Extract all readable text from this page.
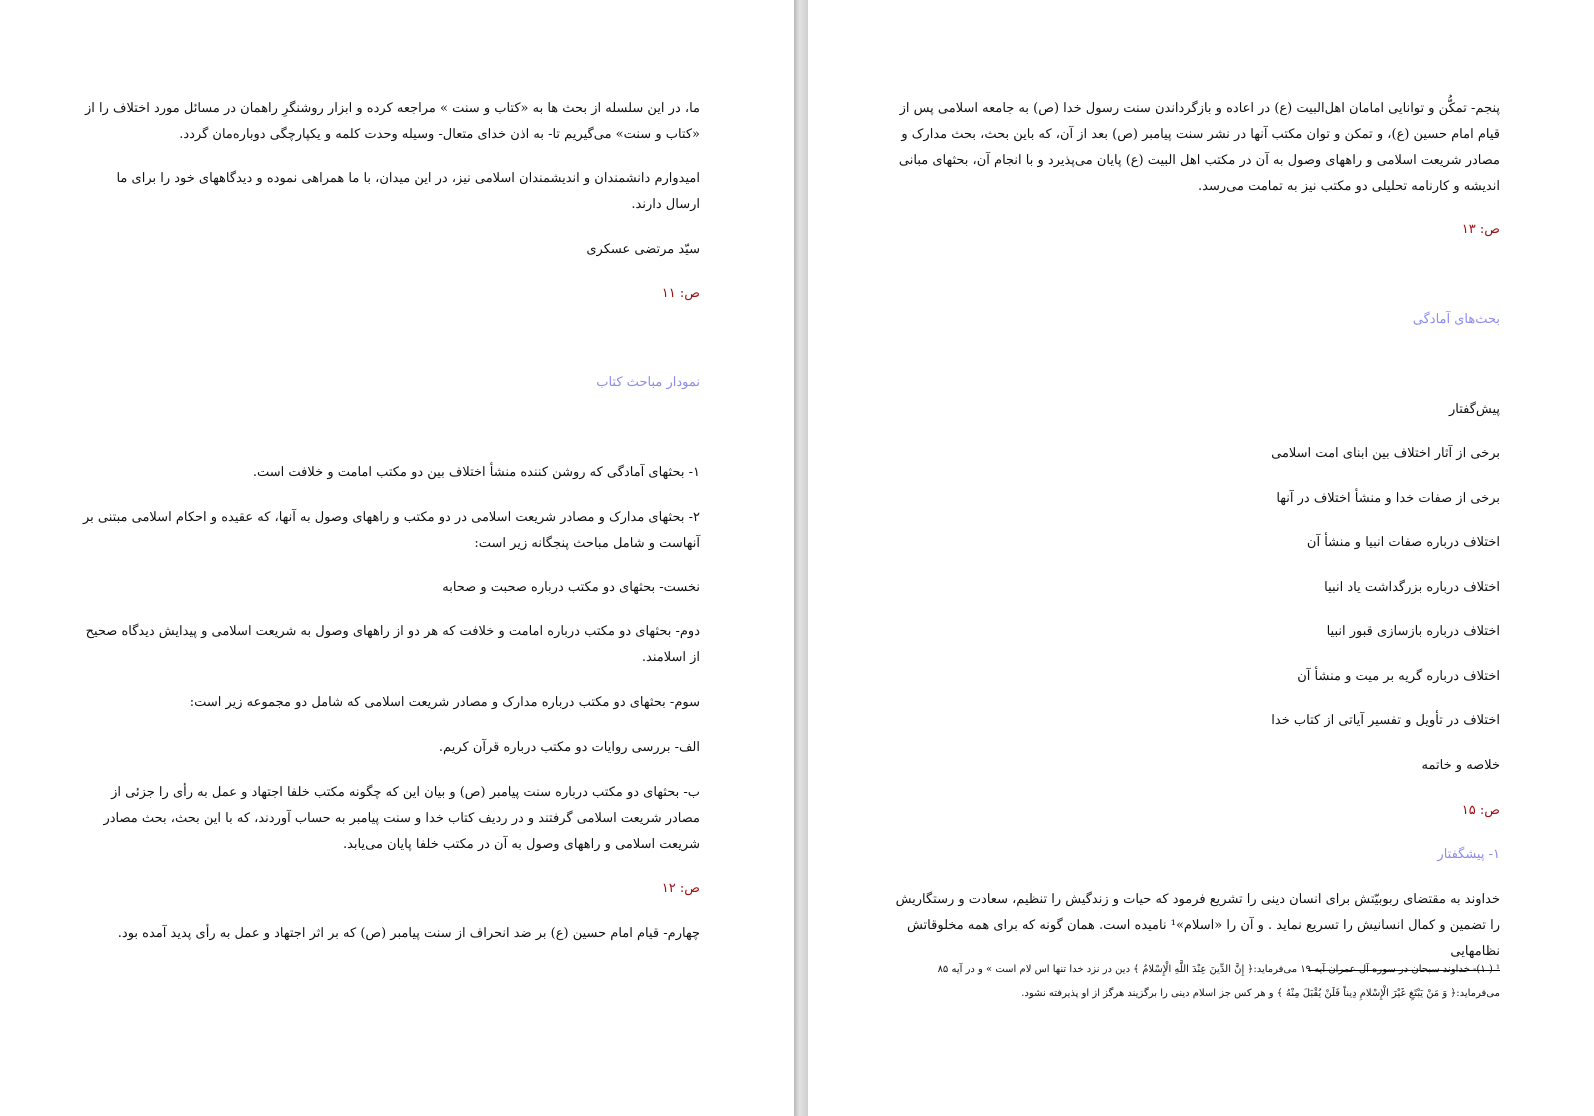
ما، در این سلسله از بحث ها به «کتاب و سنت » مراجعه کرده و ابزار روشنگرِ راهمان در مسائل مورد اختلاف را از «کتاب و سنت» می‌گیریم تا- به اذن خدای متعال- وسیله وحدت کلمه و یکپارچگی دوباره‌مان گردد.

امیدوارم دانشمندان و اندیشمندان اسلامی نیز، در این میدان، با ما همراهی نموده و دیدگاههای خود را برای ما ارسال دارند.

سیّد مرتضی عسکری

ص: ۱۱

نمودار مباحث کتاب

۱- بحثهای آمادگی که روشن کننده منشأ اختلاف بین دو مکتب امامت و خلافت است.

۲- بحثهای مدارک و مصادر شریعت اسلامی در دو مکتب و راههای وصول به آنها، که عقیده و احکام اسلامی مبتنی بر آنهاست و شامل مباحث پنجگانه زیر است:

نخست- بحثهای دو مکتب درباره صحبت و صحابه

دوم- بحثهای دو مکتب درباره امامت و خلافت که هر دو از راههای وصول به شریعت اسلامی و پیدایش دیدگاه صحیح از اسلامند.

سوم- بحثهای دو مکتب درباره مدارک و مصادر شریعت اسلامی که شامل دو مجموعه زیر است:

الف- بررسی روایات دو مکتب درباره قرآن کریم.

ب- بحثهای دو مکتب درباره سنت پیامبر (ص) و بیان این که چگونه مکتب خلفا اجتهاد و عمل به رأی را جزئی از مصادر شریعت اسلامی گرفتند و در ردیف کتاب خدا و سنت پیامبر به حساب آوردند، که با این بحث، بحث مصادر شریعت اسلامی و راههای وصول به آن در مکتب خلفا پایان می‌یابد.

ص: ۱۲

چهارم- قیام امام حسین (ع) بر ضد انحراف از سنت پیامبر (ص) که بر اثر اجتهاد و عمل به رأی پدید آمده بود.

پنجم- تمکُّن و توانایی امامان اهل‌البیت (ع) در اعاده و بازگرداندن سنت رسول خدا (ص) به جامعه اسلامی پس از قیام امام حسین (ع)، و تمکن و توان مکتب آنها در نشر سنت پیامبر (ص) بعد از آن، که باین بحث، بحث مدارک و مصادر شریعت اسلامی و راههای وصول به آن در مکتب اهل البیت (ع) پایان می‌پذیرد و با انجام آن، بحثهای مبانی اندیشه و کارنامه تحلیلی دو مکتب نیز به تمامت می‌رسد.

ص: ۱۳

بحث‌های آمادگی

پیش‌گفتار

برخی از آثار اختلاف بین ابنای امت اسلامی

برخی از صفات خدا و منشأ اختلاف در آنها

اختلاف درباره صفات انبیا و منشأ آن

اختلاف درباره بزرگداشت یاد انبیا

اختلاف درباره بازسازی قبور انبیا

اختلاف درباره گریه بر میت و منشأ آن

اختلاف در تأویل و تفسیر آیاتی از کتاب خدا

خلاصه و خاتمه

ص: ۱۵

۱- پیشگفتار

خداوند به مقتضای ربوبیّتش برای انسان دینی را تشریع فرمود که حیات و زندگیش را تنظیم، سعادت و رستگاریش را تضمین و کمال انسانیش را تسریع نماید . و آن را «اسلام»¹ نامیده است. همان گونه که برای همه مخلوقاتش نظامهایی

¹ ( ۱)- خداوند سبحان در سوره آل عمران آیه ۱۹ می‌فرماید:﴿ إِنَّ الدِّينَ عِنْدَ اللَّهِ الْإِسْلامُ ﴾ دین در نزد خدا تنها اس لام است » و در آیه ۸۵

می‌فرماید:﴿ وَ مَنْ يَبْتَغِ غَيْرَ الْإِسْلامِ دِيناً فَلَنْ يُقْبَلَ مِنْهُ ﴾ و هر کس جز اسلام دینی را برگزیند هرگز از او پذیرفته نشود.
